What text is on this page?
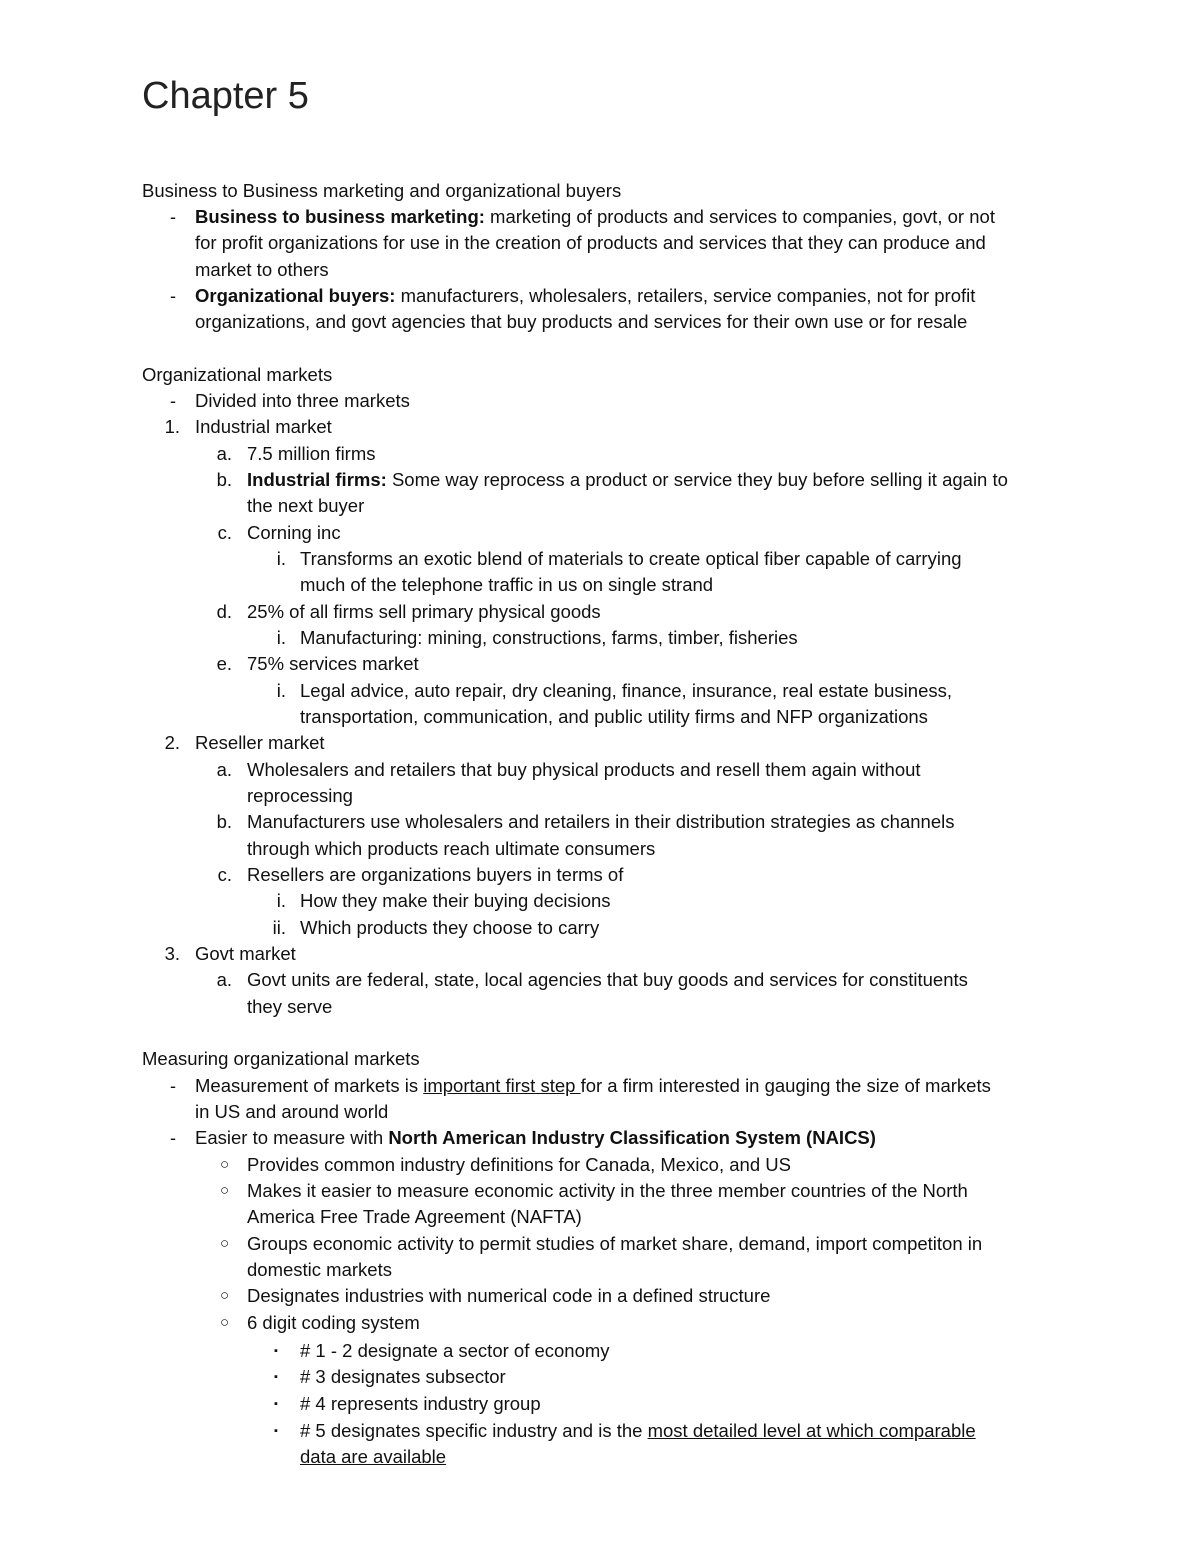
Chapter 5
Business to Business marketing and organizational buyers
- Business to business marketing: marketing of products and services to companies, govt, or not
for profit organizations for use in the creation of products and services that they can produce and
market to others
- Organizational buyers: manufacturers, wholesalers, retailers, service companies, not for profit
organizations, and govt agencies that buy products and services for their own use or for resale
Organizational markets
- Divided into three markets
1. Industrial market
a. 7.5 million firms
b. Industrial firms: Some way reprocess a product or service they buy before selling it again to
the next buyer
c. Corning inc
i. Transforms an exotic blend of materials to create optical fiber capable of carrying
much of the telephone traffic in us on single strand
d. 25% of all firms sell primary physical goods
i. Manufacturing: mining, constructions, farms, timber, fisheries
e. 75% services market
i. Legal advice, auto repair, dry cleaning, finance, insurance, real estate business,
transportation, communication, and public utility firms and NFP organizations
2. Reseller market
a. Wholesalers and retailers that buy physical products and resell them again without
reprocessing
b. Manufacturers use wholesalers and retailers in their distribution strategies as channels
through which products reach ultimate consumers
c. Resellers are organizations buyers in terms of
i. How they make their buying decisions
ii. Which products they choose to carry
3. Govt market
a. Govt units are federal, state, local agencies that buy goods and services for constituents
they serve
Measuring organizational markets
- Measurement of markets is important first step for a firm interested in gauging the size of markets
in US and around world
- Easier to measure with North American Industry Classification System (NAICS)
○ Provides common industry definitions for Canada, Mexico, and US
○ Makes it easier to measure economic activity in the three member countries of the North
America Free Trade Agreement (NAFTA)
○ Groups economic activity to permit studies of market share, demand, import competiton in
domestic markets
○ Designates industries with numerical code in a defined structure
○ 6 digit coding system
▪ # 1 - 2 designate a sector of economy
▪ # 3 designates subsector
▪ # 4 represents industry group
▪ # 5 designates specific industry and is the most detailed level at which comparable
data are available
